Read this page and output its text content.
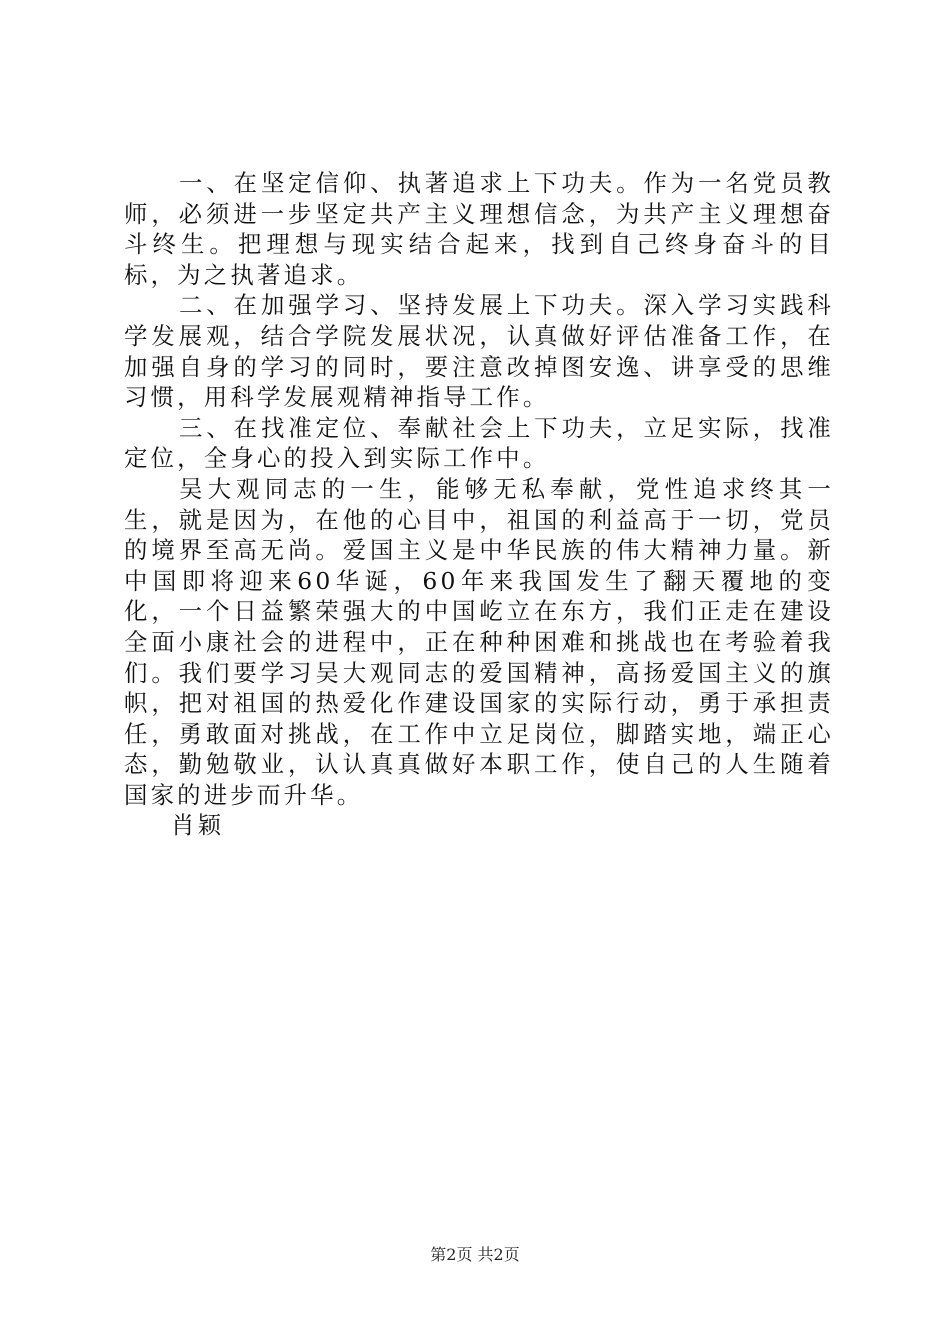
一、在坚定信仰、执著追求上下功夫。作为一名党员教师，必须进一步坚定共产主义理想信念，为共产主义理想奋斗终生。把理想与现实结合起来，找到自己终身奋斗的目标，为之执著追求。

二、在加强学习、坚持发展上下功夫。深入学习实践科学发展观，结合学院发展状况，认真做好评估准备工作，在加强自身的学习的同时，要注意改掉图安逸、讲享受的思维习惯，用科学发展观精神指导工作。

三、在找准定位、奉献社会上下功夫，立足实际，找准定位，全身心的投入到实际工作中。

吴大观同志的一生，能够无私奉献，党性追求终其一生，就是因为，在他的心目中，祖国的利益高于一切，党员的境界至高无尚。爱国主义是中华民族的伟大精神力量。新中国即将迎来60华诞，60年来我国发生了翻天覆地的变化，一个日益繁荣强大的中国屹立在东方，我们正走在建设全面小康社会的进程中，正在种种困难和挑战也在考验着我们。我们要学习吴大观同志的爱国精神，高扬爱国主义的旗帜，把对祖国的热爱化作建设国家的实际行动，勇于承担责任，勇敢面对挑战，在工作中立足岗位，脚踏实地，端正心态，勤勉敬业，认认真真做好本职工作，使自己的人生随着国家的进步而升华。

肖颖

第2页 共2页
